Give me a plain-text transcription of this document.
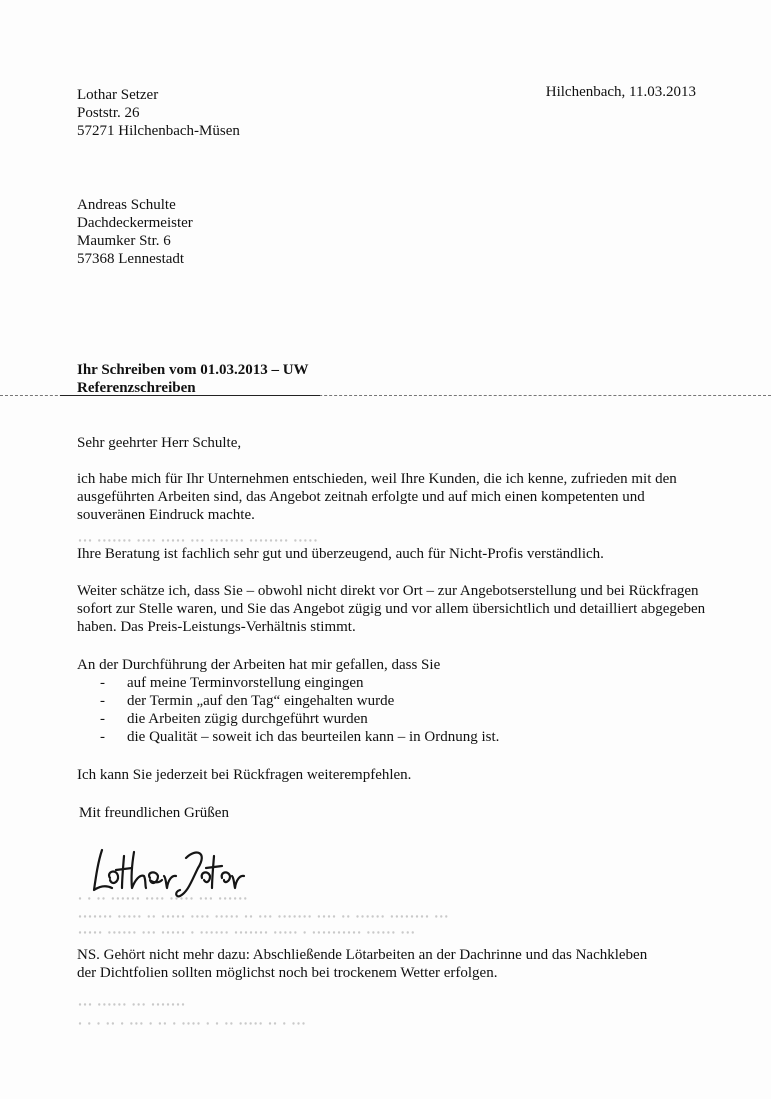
Lothar Setzer
Poststr. 26
57271 Hilchenbach-Müsen
Hilchenbach, 11.03.2013
Andreas Schulte
Dachdeckermeister
Maumker Str. 6
57368 Lennestadt
Ihr Schreiben vom 01.03.2013 – UW
Referenzschreiben
Sehr geehrter Herr Schulte,
ꞏꞏꞏ ꞏꞏꞏꞏꞏꞏꞏ ꞏꞏꞏꞏ ꞏꞏꞏꞏꞏ ꞏꞏꞏ ꞏꞏꞏꞏꞏꞏꞏ ꞏꞏꞏꞏꞏꞏꞏꞏ ꞏꞏꞏꞏꞏ

ich habe mich für Ihr Unternehmen entschieden, weil Ihre Kunden, die ich kenne, zufrieden mit den ausgeführten Arbeiten sind, das Angebot zeitnah erfolgte und auf mich einen kompetenten und souveränen Eindruck machte.

Ihre Beratung ist fachlich sehr gut und überzeugend, auch für Nicht-Profis verständlich.

Weiter schätze ich, dass Sie – obwohl nicht direkt vor Ort – zur Angebotserstellung und bei Rückfragen sofort zur Stelle waren, und Sie das Angebot zügig und vor allem übersichtlich und detailliert abgegeben haben. Das Preis-Leistungs-Verhältnis stimmt.

An der Durchführung der Arbeiten hat mir gefallen, dass Sie

- auf meine Terminvorstellung eingingen
- der Termin „auf den Tag“ eingehalten wurde
- die Arbeiten zügig durchgeführt wurden
- die Qualität – soweit ich das beurteilen kann – in Ordnung ist.

Ich kann Sie jederzeit bei Rückfragen weiterempfehlen.

Mit freundlichen Grüßen
ꞏ ꞏ ꞏꞏ ꞏꞏꞏꞏꞏꞏ ꞏꞏꞏꞏ ꞏꞏꞏꞏꞏ ꞏꞏꞏ ꞏꞏꞏꞏꞏꞏ
ꞏꞏꞏꞏꞏꞏꞏ ꞏꞏꞏꞏꞏ ꞏꞏ ꞏꞏꞏꞏꞏ ꞏꞏꞏꞏ ꞏꞏꞏꞏꞏ ꞏꞏ ꞏꞏꞏ ꞏꞏꞏꞏꞏꞏꞏ ꞏꞏꞏꞏ ꞏꞏ ꞏꞏꞏꞏꞏꞏ ꞏꞏꞏꞏꞏꞏꞏꞏ ꞏꞏꞏ
ꞏꞏꞏꞏꞏ ꞏꞏꞏꞏꞏꞏ ꞏꞏꞏ ꞏꞏꞏꞏꞏ ꞏ ꞏꞏꞏꞏꞏꞏ ꞏꞏꞏꞏꞏꞏꞏ ꞏꞏꞏꞏꞏ ꞏ ꞏꞏꞏꞏꞏꞏꞏꞏꞏꞏ ꞏꞏꞏꞏꞏꞏ ꞏꞏꞏ
NS. Gehört nicht mehr dazu: Abschließende Lötarbeiten an der Dachrinne und das Nachkleben
der Dichtfolien sollten möglichst noch bei trockenem Wetter erfolgen.
ꞏꞏꞏ ꞏꞏꞏꞏꞏꞏ ꞏꞏꞏ ꞏꞏꞏꞏꞏꞏꞏ
ꞏ ꞏ ꞏ ꞏꞏ ꞏ ꞏꞏꞏ ꞏ ꞏꞏ ꞏ ꞏꞏꞏꞏ ꞏ ꞏ ꞏꞏ ꞏꞏꞏꞏꞏ ꞏꞏ ꞏ ꞏꞏꞏ
